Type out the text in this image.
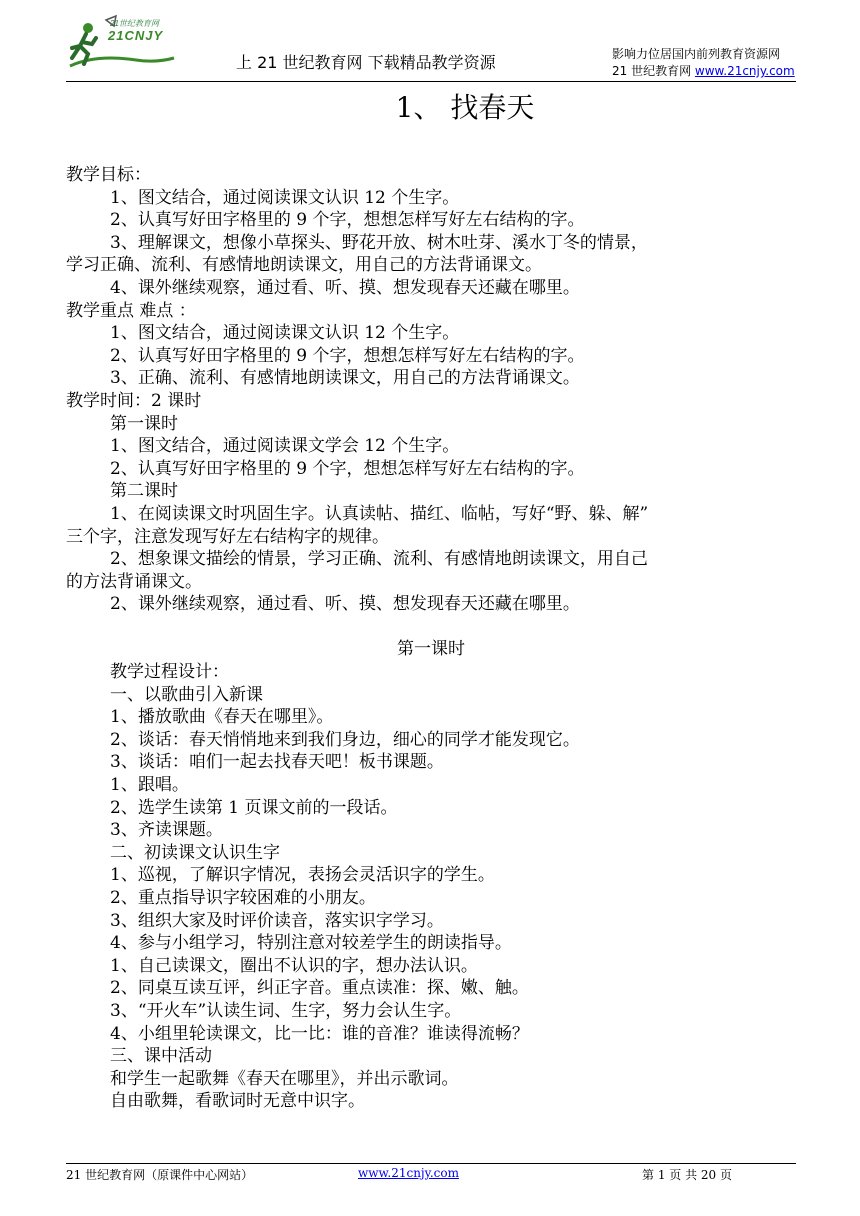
21世纪教育网
21CNJY
上 21 世纪教育网 下载精品教学资源	影响力位居国内前列教育资源网
21 世纪教育网 www.21cnjy.com
1、 找春天
教学目标：
1、图文结合，通过阅读课文认识 12 个生字。
2、认真写好田字格里的 9 个字，想想怎样写好左右结构的字。
3、理解课文，想像小草探头、野花开放、树木吐芽、溪水丁冬的情景，
学习正确、流利、有感情地朗读课文，用自己的方法背诵课文。
4、课外继续观察，通过看、听、摸、想发现春天还藏在哪里。
教学重点 难点 ：
1、图文结合，通过阅读课文认识 12 个生字。
2、认真写好田字格里的 9 个字，想想怎样写好左右结构的字。
3、正确、流利、有感情地朗读课文，用自己的方法背诵课文。
教学时间：2 课时
第一课时
1、图文结合，通过阅读课文学会 12 个生字。
2、认真写好田字格里的 9 个字，想想怎样写好左右结构的字。
第二课时
1、在阅读课文时巩固生字。认真读帖、描红、临帖，写好“野、躲、解”
三个字，注意发现写好左右结构字的规律。
2、想象课文描绘的情景，学习正确、流利、有感情地朗读课文，用自己
的方法背诵课文。
2、课外继续观察，通过看、听、摸、想发现春天还藏在哪里。
第一课时
教学过程设计：
一、以歌曲引入新课
1、播放歌曲《春天在哪里》。
2、谈话：春天悄悄地来到我们身边，细心的同学才能发现它。
3、谈话：咱们一起去找春天吧！板书课题。
1、跟唱。
2、选学生读第 1 页课文前的一段话。
3、齐读课题。
二、初读课文认识生字
1、巡视，了解识字情况，表扬会灵活识字的学生。
2、重点指导识字较困难的小朋友。
3、组织大家及时评价读音，落实识字学习。
4、参与小组学习，特别注意对较差学生的朗读指导。
1、自己读课文，圈出不认识的字，想办法认识。
2、同桌互读互评，纠正字音。重点读准：探、嫩、触。
3、“开火车”认读生词、生字，努力会认生字。
4、小组里轮读课文，比一比：谁的音准？谁读得流畅？
三、课中活动
和学生一起歌舞《春天在哪里》，并出示歌词。
自由歌舞，看歌词时无意中识字。
21 世纪教育网（原课件中心网站）	www.21cnjy.com	第 1 页 共 20 页
